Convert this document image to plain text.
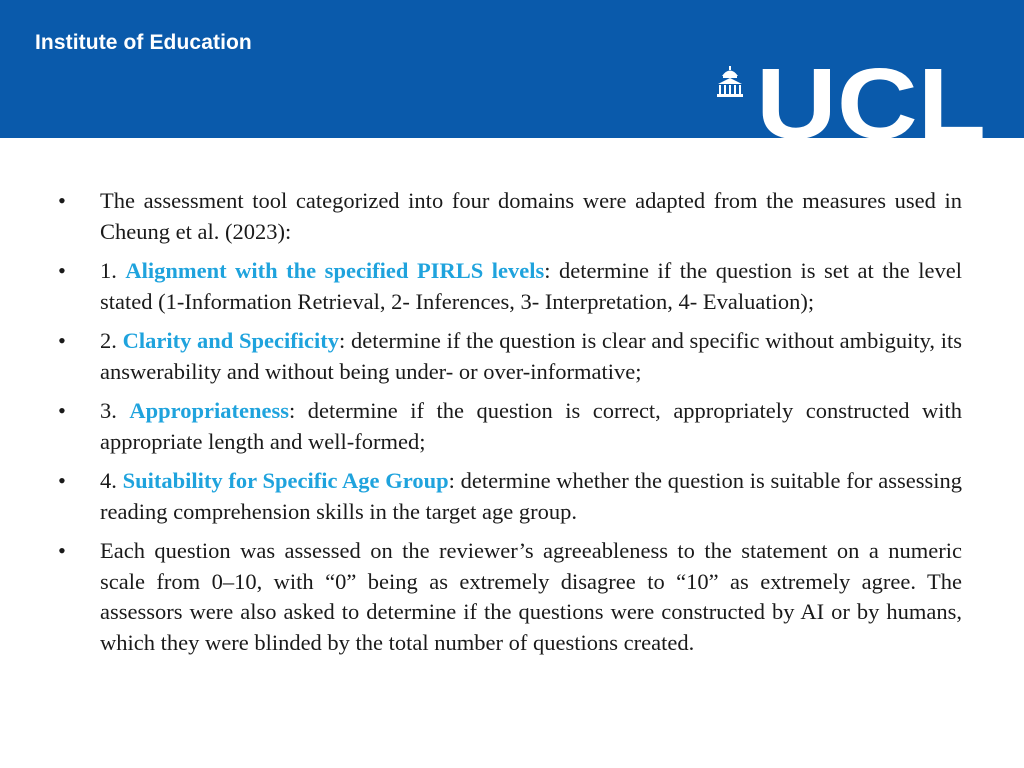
Institute of Education
UCL
•	The assessment tool categorized into four domains were adapted from the measures used in Cheung et al. (2023):
•	1. Alignment with the specified PIRLS levels: determine if the question is set at the level stated (1-Information Retrieval, 2- Inferences, 3- Interpretation, 4- Evaluation);
•	2. Clarity and Specificity: determine if the question is clear and specific without ambiguity, its answerability and without being under- or over-informative;
•	3. Appropriateness: determine if the question is correct, appropriately constructed with appropriate length and well-formed;
•	4. Suitability for Specific Age Group: determine whether the question is suitable for assessing reading comprehension skills in the target age group.
•	Each question was assessed on the reviewer’s agreeableness to the statement on a numeric scale from 0–10, with “0” being as extremely disagree to “10” as extremely agree. The assessors were also asked to determine if the questions were constructed by AI or by humans, which they were blinded by the total number of questions created.
